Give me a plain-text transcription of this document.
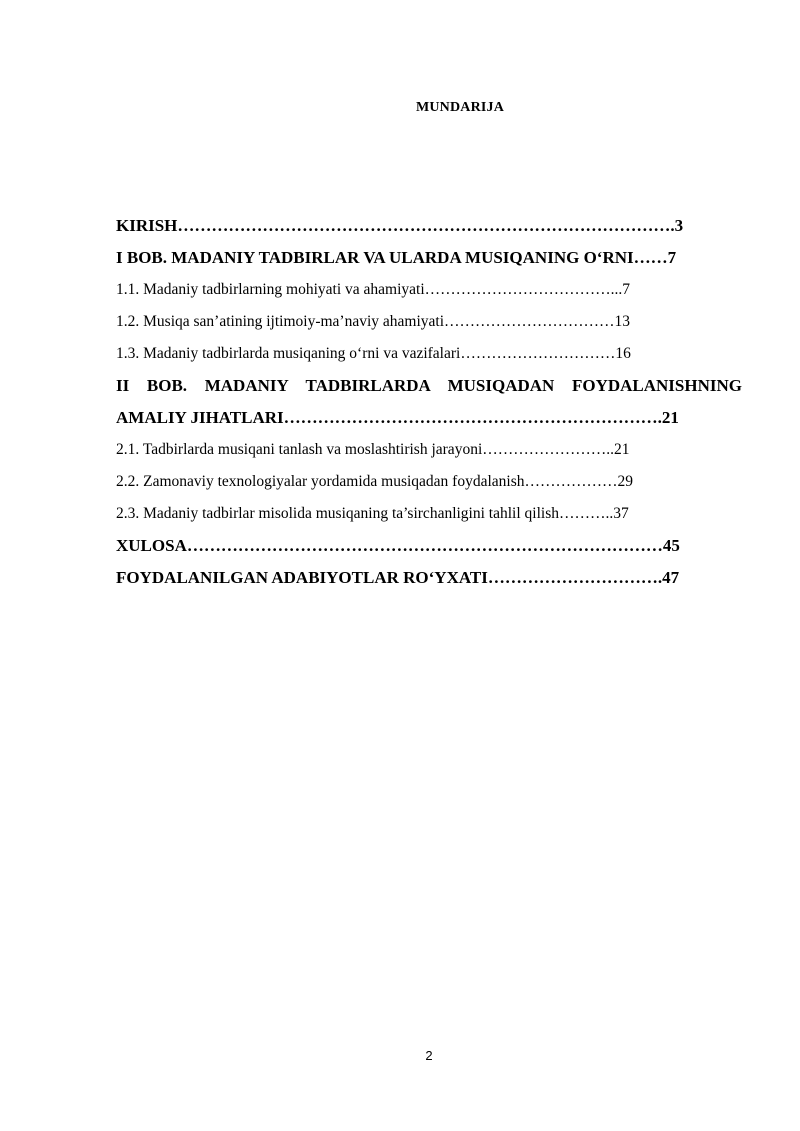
MUNDARIJA
KIRISH…………………………………………………………………………….3
I BOB. MADANIY TADBIRLAR VA ULARDA MUSIQANING O‘RNI……7
1.1. Madaniy tadbirlarning mohiyati va ahamiyati………………………………...7
1.2. Musiqa san’atining ijtimoiy-ma’naviy ahamiyati……………………………13
1.3. Madaniy tadbirlarda musiqaning o‘rni va vazifalari…………………………16
II BOB. MADANIY TADBIRLARDA MUSIQADAN FOYDALANISHNING
AMALIY JIHATLARI………………………………………………………….21
2.1. Tadbirlarda musiqani tanlash va moslashtirish jarayoni……………………..21
2.2. Zamonaviy texnologiyalar yordamida musiqadan foydalanish………………29
2.3. Madaniy tadbirlar misolida musiqaning ta’sirchanligini tahlil qilish………..37
XULOSA…………………………………………………………………………45
FOYDALANILGAN ADABIYOTLAR RO‘YXATI………………………….47
2
